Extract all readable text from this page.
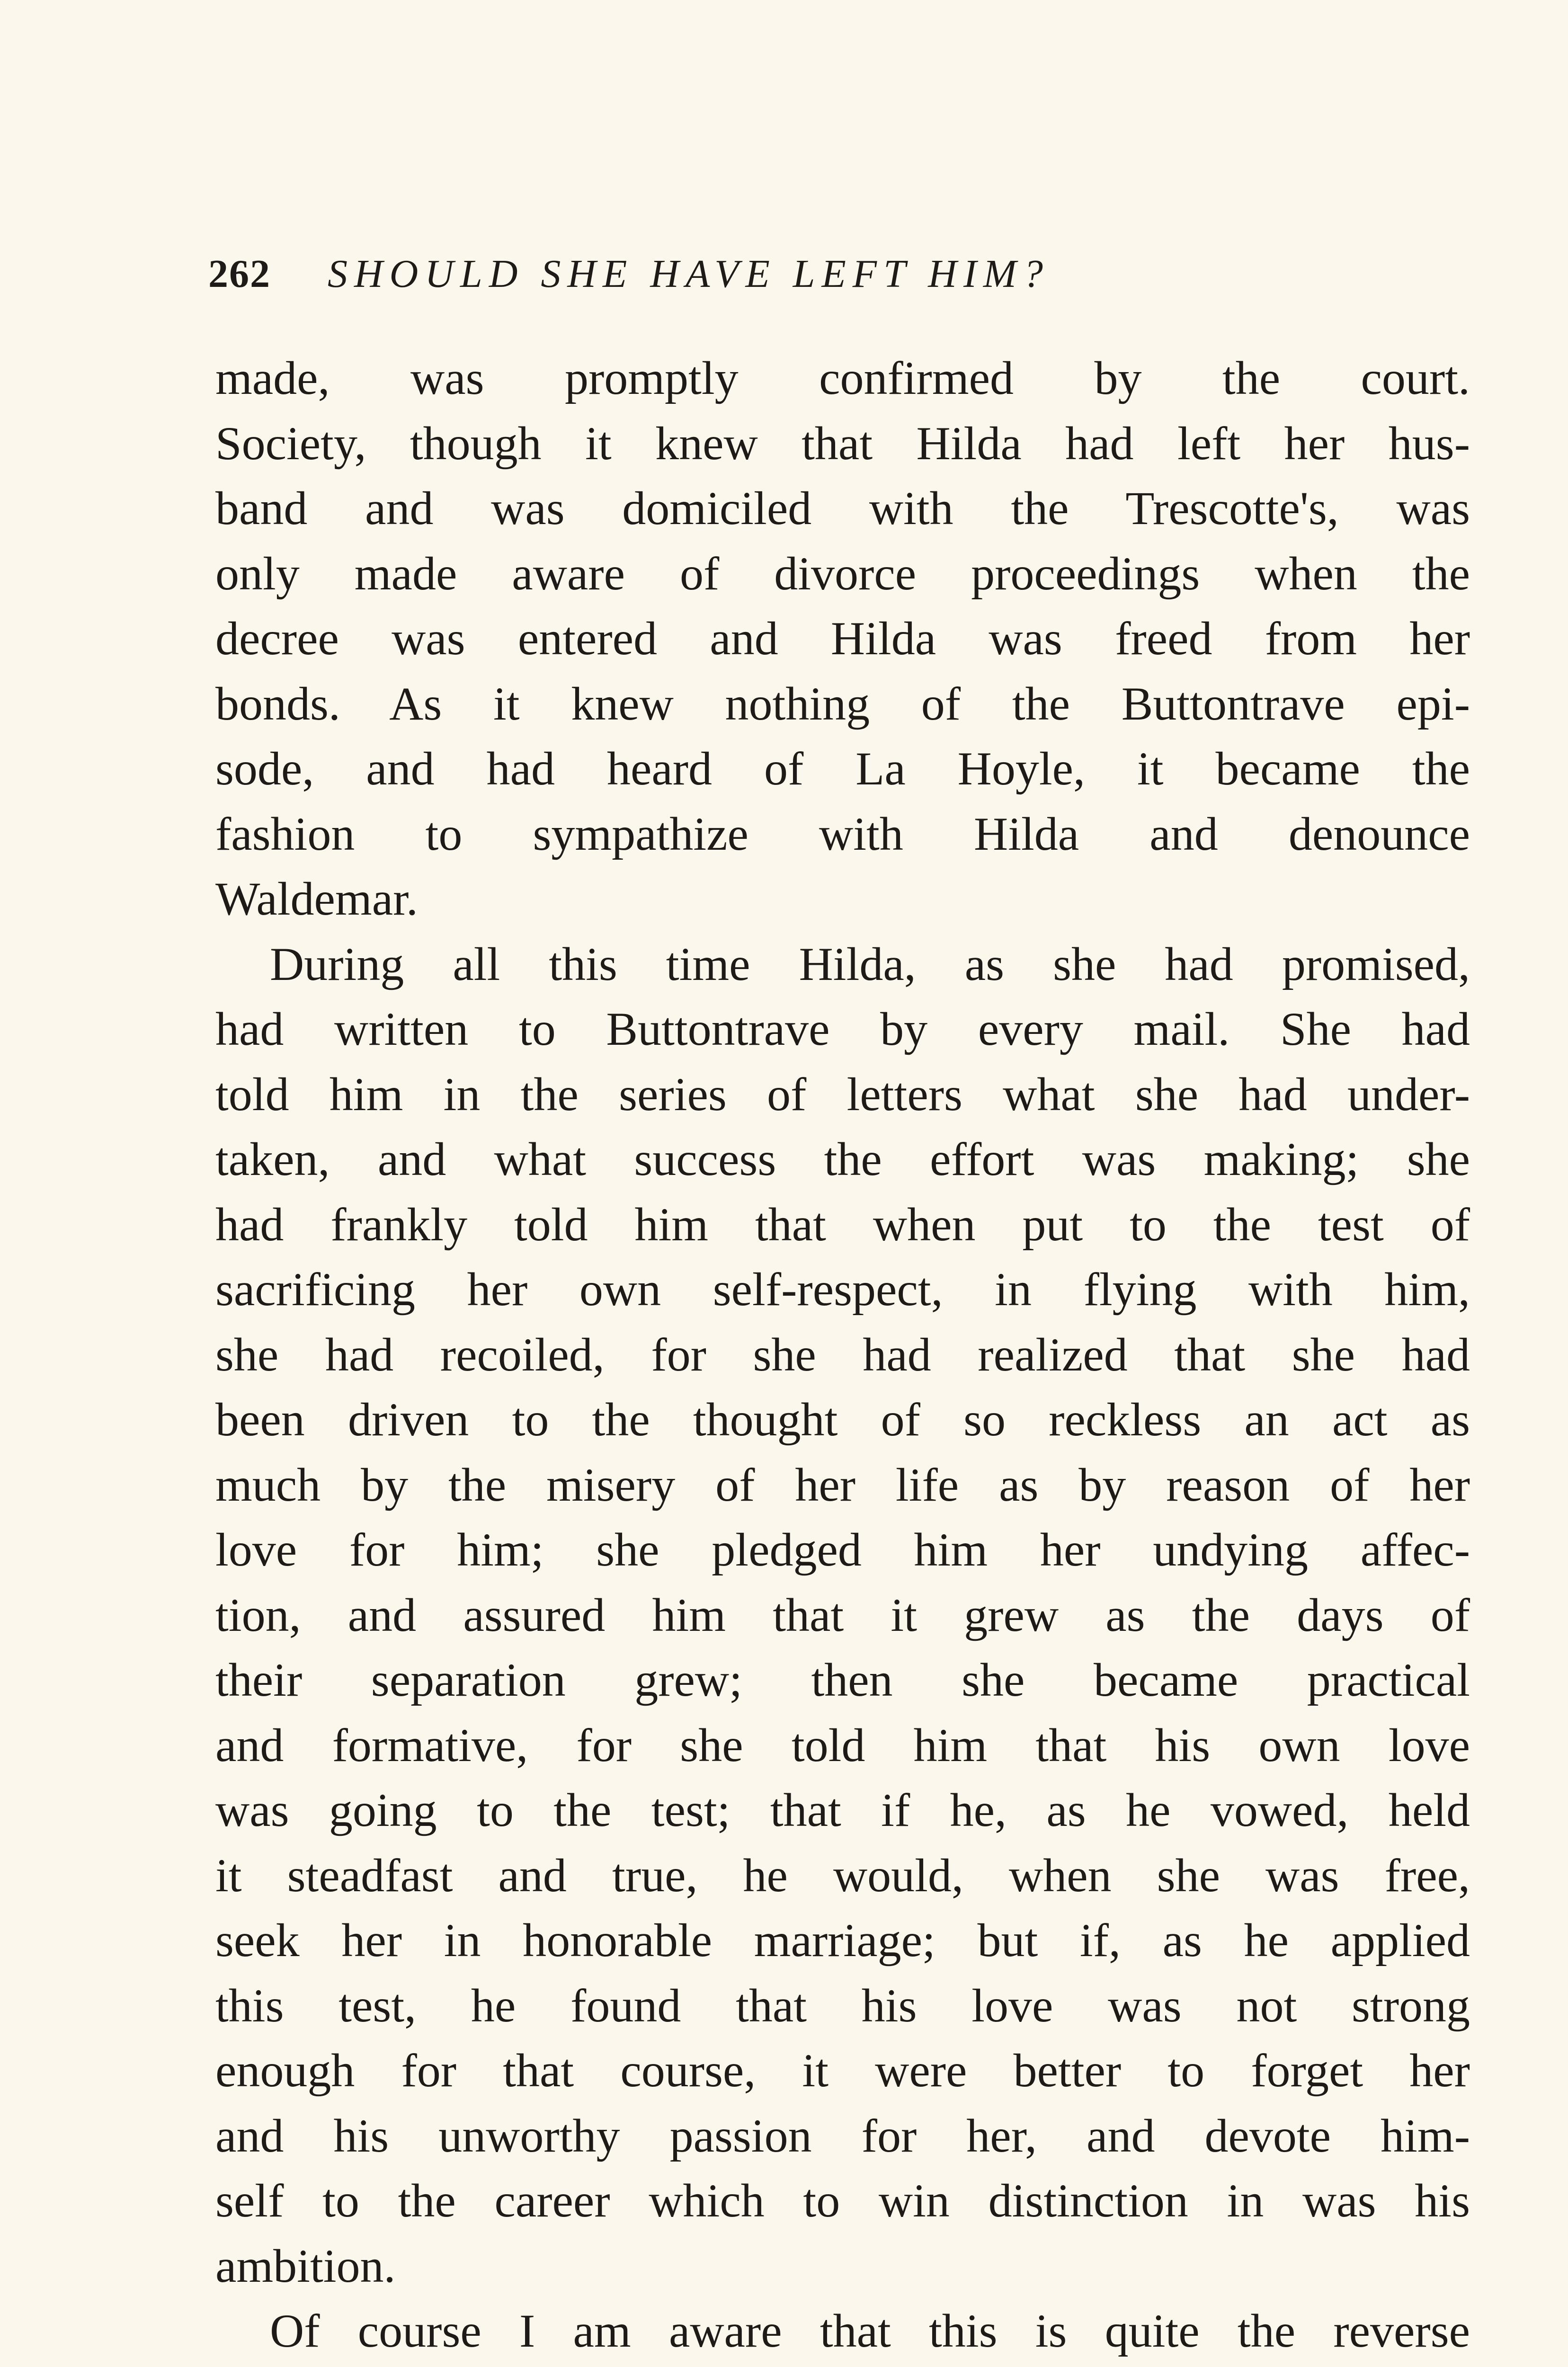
262 SHOULD SHE HAVE LEFT HIM?
made, was promptly confirmed by the court.
Society, though it knew that Hilda had left her hus-
band and was domiciled with the Trescotte's, was
only made aware of divorce proceedings when the
decree was entered and Hilda was freed from her
bonds. As it knew nothing of the Buttontrave epi-
sode, and had heard of La Hoyle, it became the
fashion to sympathize with Hilda and denounce
Waldemar.
During all this time Hilda, as she had promised,
had written to Buttontrave by every mail. She had
told him in the series of letters what she had under-
taken, and what success the effort was making; she
had frankly told him that when put to the test of
sacrificing her own self-respect, in flying with him,
she had recoiled, for she had realized that she had
been driven to the thought of so reckless an act as
much by the misery of her life as by reason of her
love for him; she pledged him her undying affec-
tion, and assured him that it grew as the days of
their separation grew; then she became practical
and formative, for she told him that his own love
was going to the test; that if he, as he vowed, held
it steadfast and true, he would, when she was free,
seek her in honorable marriage; but if, as he applied
this test, he found that his love was not strong
enough for that course, it were better to forget her
and his unworthy passion for her, and devote him-
self to the career which to win distinction in was his
ambition.
Of course I am aware that this is quite the reverse
